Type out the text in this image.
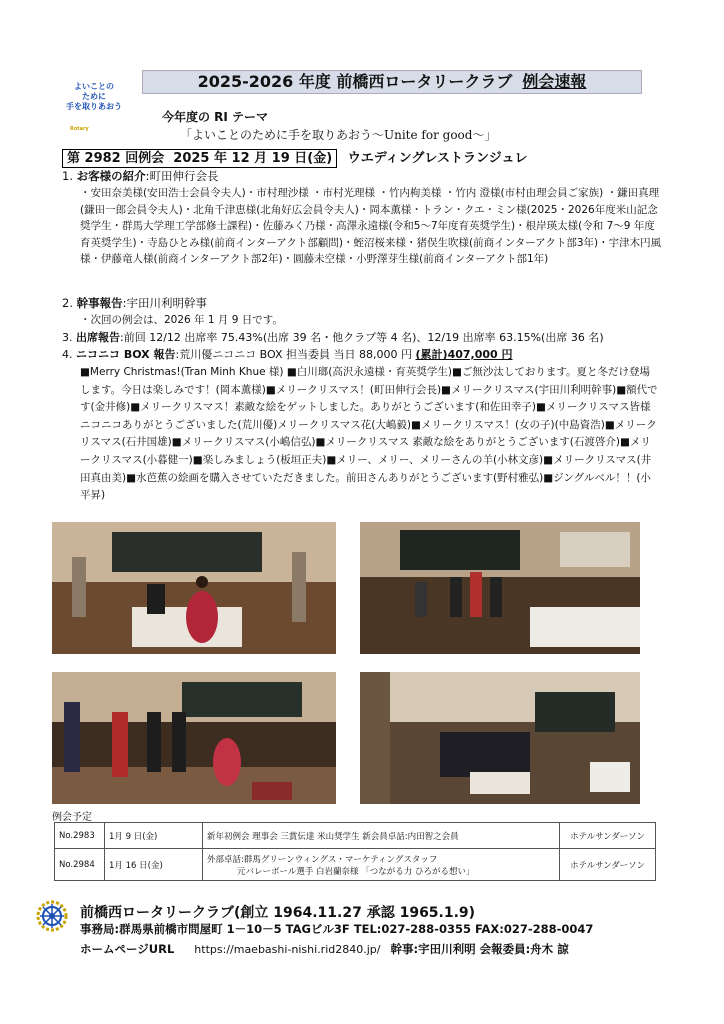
よいことの
ために
手を取りあおう
Rotary
2025-2026 年度 前橋西ロータリークラブ 例会速報
今年度の RI テーマ
「よいことのために手を取りあおう～Unite for good～」
第 2982 回例会 2025 年 12 月 19 日(金) ウエディングレストランジュレ
1. お客様の紹介:町田伸行会長
・安田奈美様(安田浩士会員令夫人)・市村理沙様 ・市村光理様 ・竹内枸美様 ・竹内 澄様(市村由理会員ご家族) ・鎌田真理(鎌田一郎会員令夫人)・北角千津恵様(北角好広会員令夫人)・岡本薫様・トラン・クエ・ミン様(2025・2026年度米山記念奨学生・群馬大学理工学部修士課程)・佐藤みく乃様・高澤永遠様(令和5～7年度育英奨学生)・根岸瑛太様(令和 7～9 年度育英奨学生)・寺島ひとみ様(前商インターアクト部顧問)・蛭沼桜来様・猪俣生吹様(前商インターアクト部3年)・宇津木円風様・伊藤竜人様(前商インターアクト部2年)・圓藤未空様・小野澤芽生様(前商インターアクト部1年)
2. 幹事報告:宇田川利明幹事
・次回の例会は、2026 年 1 月 9 日です。
3. 出席報告:前回 12/12 出席率 75.43%(出席 39 名・他クラブ等 4 名)、12/19 出席率 63.15%(出席 36 名)
4. ニコニコ BOX 報告:荒川優ニコニコ BOX 担当委員 当日 88,000 円 (累計)407,000 円
■Merry Christmas!(Tran Minh Khue 様) ■白川瑯(高沢永遠様・育英奨学生)■ご無沙汰しております。夏と冬だけ登場します。今日は楽しみです！(岡本薫様)■メリークリスマス！(町田伸行会長)■メリークリスマス(宇田川利明幹事)■額代です(金井修)■メリークリスマス！素敵な絵をゲットしました。ありがとうございます(和佐田幸子)■メリークリスマス皆様ニコニコありがとうございました(荒川優)メリークリスマス花(大嶋毅)■メリークリスマス！(女の子)(中島資浩)■メリークリスマス(石井国雄)■メリークリスマス(小嶋信弘)■メリークリスマス 素敵な絵をありがとうございます(石渡啓介)■メリークリスマス(小暮健一)■楽しみましょう(板垣正夫)■メリー、メリー、メリーさんの羊(小林文彦)■メリークリスマス(井田真由美)■水芭蕉の絵画を購入させていただきました。前田さんありがとうございます(野村雅弘)■ジングルベル！！(小平昇)
例会予定
No.2983	1月 9 日(金)	新年初例会 理事会 三賞伝達 米山奨学生 新会員卓話:内田智之会員	ホテルサンダーソン
No.2984	1月 16 日(金)	外部卓話:群馬グリーンウィングス・マーケティングスタッフ
元バレーボール選手 白岩蘭奈様 「つながる力 ひろがる想い」	ホテルサンダーソン
前橋西ロータリークラブ(創立 1964.11.27 承認 1965.1.9)
事務局:群馬県前橋市問屋町 1－10－5 TAGビル3F TEL:027-288-0355 FAX:027-288-0047
ホームページURL https://maebashi-nishi.rid2840.jp/ 幹事:宇田川利明 会報委員:舟木 諒
